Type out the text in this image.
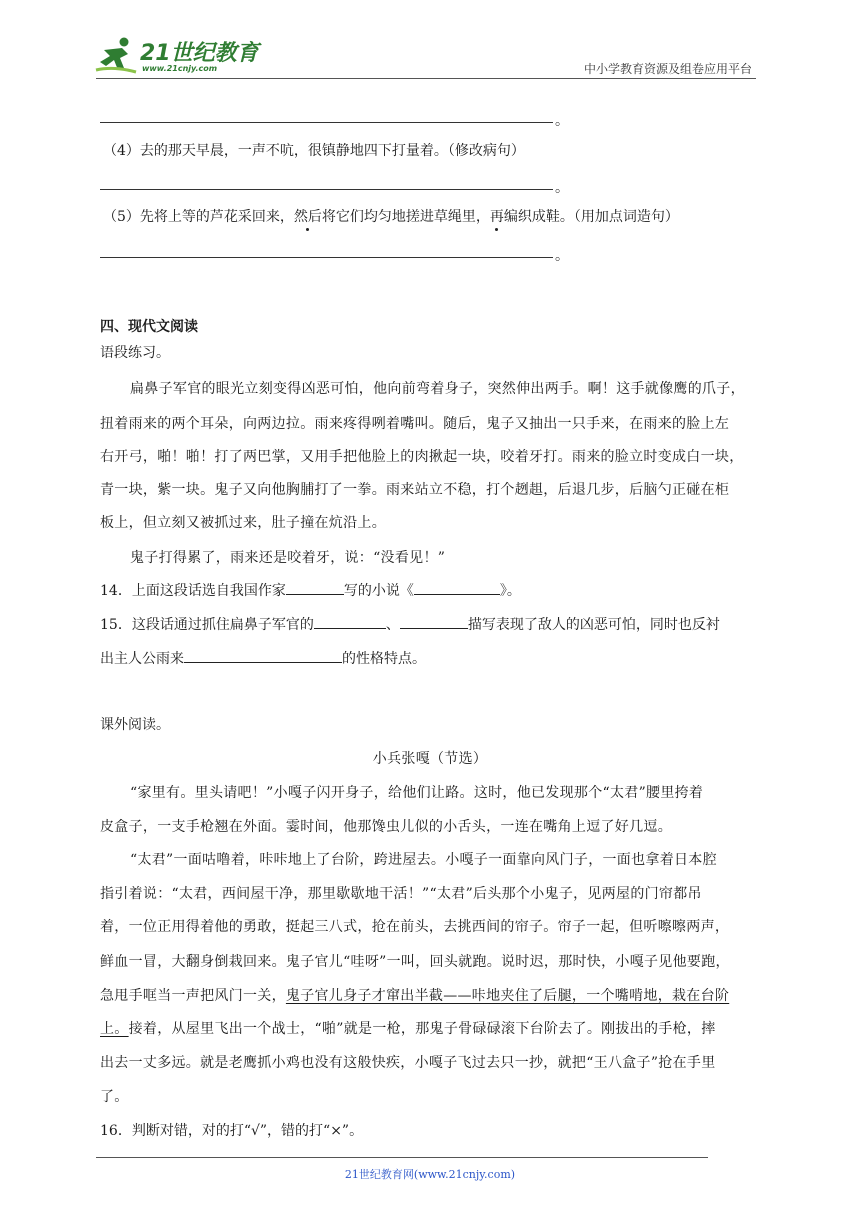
21世纪教育
www.21cnjy.com	中小学教育资源及组卷应用平台
。
（4）去的那天早晨，一声不吭，很镇静地四下打量着。（修改病句）
。
（5）先将上等的芦花采回来，然后将它们均匀地搓进草绳里，再编织成鞋。（用加点词造句）
。
四、现代文阅读
语段练习。
扁鼻子军官的眼光立刻变得凶恶可怕，他向前弯着身子，突然伸出两手。啊！这手就像鹰的爪子，
扭着雨来的两个耳朵，向两边拉。雨来疼得咧着嘴叫。随后，鬼子又抽出一只手来，在雨来的脸上左
右开弓，啪！啪！打了两巴掌，又用手把他脸上的肉揪起一块，咬着牙打。雨来的脸立时变成白一块，
青一块，紫一块。鬼子又向他胸脯打了一拳。雨来站立不稳，打个趔趄，后退几步，后脑勺正碰在柜
板上，但立刻又被抓过来，肚子撞在炕沿上。
鬼子打得累了，雨来还是咬着牙，说：“没看见！”
14．上面这段话选自我国作家	写的小说《	》。
15．这段话通过抓住扁鼻子军官的	、	描写表现了敌人的凶恶可怕，同时也反衬
出主人公雨来	的性格特点。
课外阅读。
小兵张嘎（节选）
“家里有。里头请吧！”小嘎子闪开身子，给他们让路。这时，他已发现那个“太君”腰里挎着
皮盒子，一支手枪翘在外面。霎时间，他那馋虫儿似的小舌头，一连在嘴角上逗了好几逗。
“太君”一面咕噜着，咔咔地上了台阶，跨进屋去。小嘎子一面靠向风门子，一面也拿着日本腔
指引着说：“太君，西间屋干净，那里歇歇地干活！”“太君”后头那个小鬼子，见两屋的门帘都吊
着，一位正用得着他的勇敢，挺起三八式，抢在前头，去挑西间的帘子。帘子一起，但听嚓嚓两声，
鲜血一冒，大翻身倒栽回来。鬼子官儿“哇呀”一叫，回头就跑。说时迟，那时快，小嘎子见他要跑，
急甩手哐当一声把风门一关，鬼子官儿身子才窜出半截——咔地夹住了后腿，一个嘴啃地，栽在台阶
上。接着，从屋里飞出一个战士，“啪”就是一枪，那鬼子骨碌碌滚下台阶去了。刚拔出的手枪，摔
出去一丈多远。就是老鹰抓小鸡也没有这般快疾，小嘎子飞过去只一抄，就把“王八盒子”抢在手里
了。
16．判断对错，对的打“√”，错的打“×”。
21世纪教育网(www.21cnjy.com)
